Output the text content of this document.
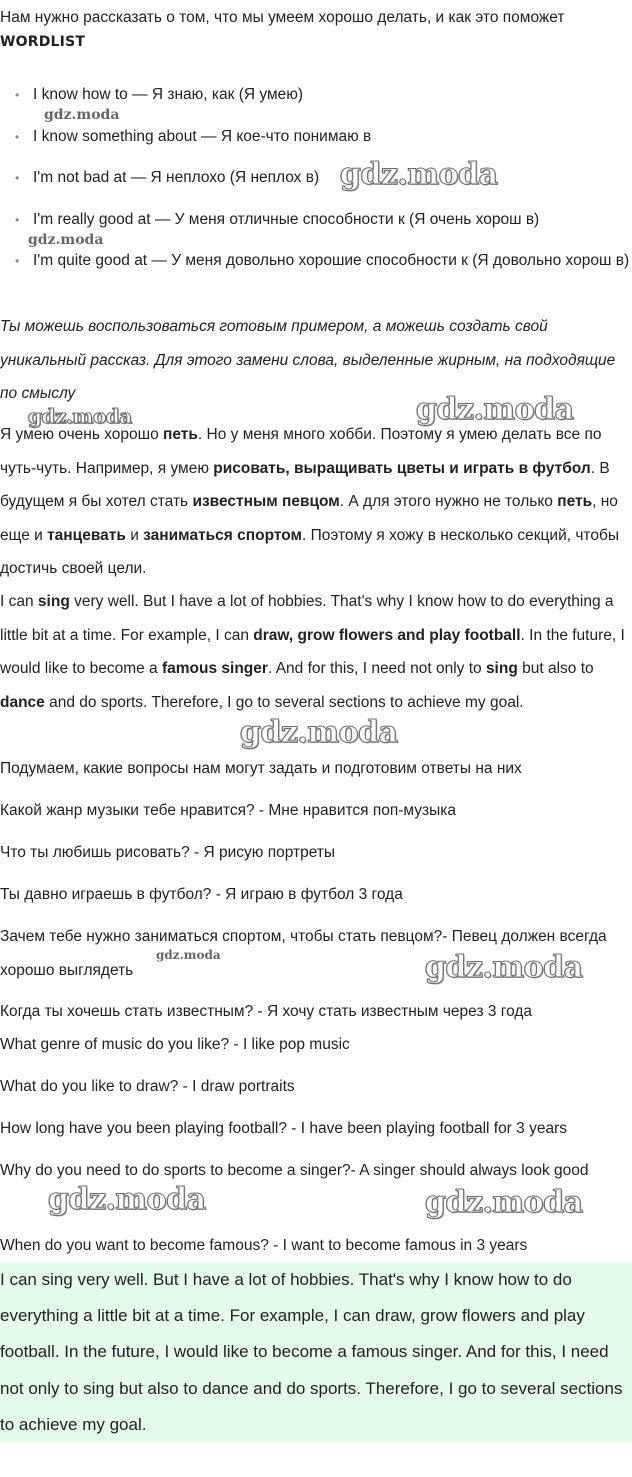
Нам нужно рассказать о том, что мы умеем хорошо делать, и как это поможет
WORDLIST
• I know how to — Я знаю, как (Я умею)
• I know something about — Я кое-что понимаю в
• I'm not bad at — Я неплохо (Я неплох в)
• I'm really good at — У меня отличные способности к (Я очень хорош в)
• I'm quite good at — У меня довольно хорошие способности к (Я довольно хорош в)
Ты можешь воспользоваться готовым примером, а можешь создать свой уникальный рассказ. Для этого замени слова, выделенные жирным, на подходящие по смыслу
Я умею очень хорошо петь. Но у меня много хобби. Поэтому я умею делать все по чуть-чуть. Например, я умею рисовать, выращивать цветы и играть в футбол. В будущем я бы хотел стать известным певцом. А для этого нужно не только петь, но еще и танцевать и заниматься спортом. Поэтому я хожу в несколько секций, чтобы достичь своей цели.
I can sing very well. But I have a lot of hobbies. That's why I know how to do everything a little bit at a time. For example, I can draw, grow flowers and play football. In the future, I would like to become a famous singer. And for this, I need not only to sing but also to dance and do sports. Therefore, I go to several sections to achieve my goal.
Подумаем, какие вопросы нам могут задать и подготовим ответы на них
Какой жанр музыки тебе нравится? - Мне нравится поп-музыка
Что ты любишь рисовать? - Я рисую портреты
Ты давно играешь в футбол? - Я играю в футбол 3 года
Зачем тебе нужно заниматься спортом, чтобы стать певцом?- Певец должен всегда хорошо выглядеть
Когда ты хочешь стать известным? - Я хочу стать известным через 3 года
What genre of music do you like? - I like pop music
What do you like to draw? - I draw portraits
How long have you been playing football? - I have been playing football for 3 years
Why do you need to do sports to become a singer?- A singer should always look good
When do you want to become famous? - I want to become famous in 3 years
I can sing very well. But I have a lot of hobbies. That's why I know how to do everything a little bit at a time. For example, I can draw, grow flowers and play football. In the future, I would like to become a famous singer. And for this, I need not only to sing but also to dance and do sports. Therefore, I go to several sections to achieve my goal.
gdz.moda
gdz.moda
gdz.moda
gdz.moda	gdz.moda
gdz.moda
gdz.moda	gdz.moda
gdz.moda	gdz.moda
